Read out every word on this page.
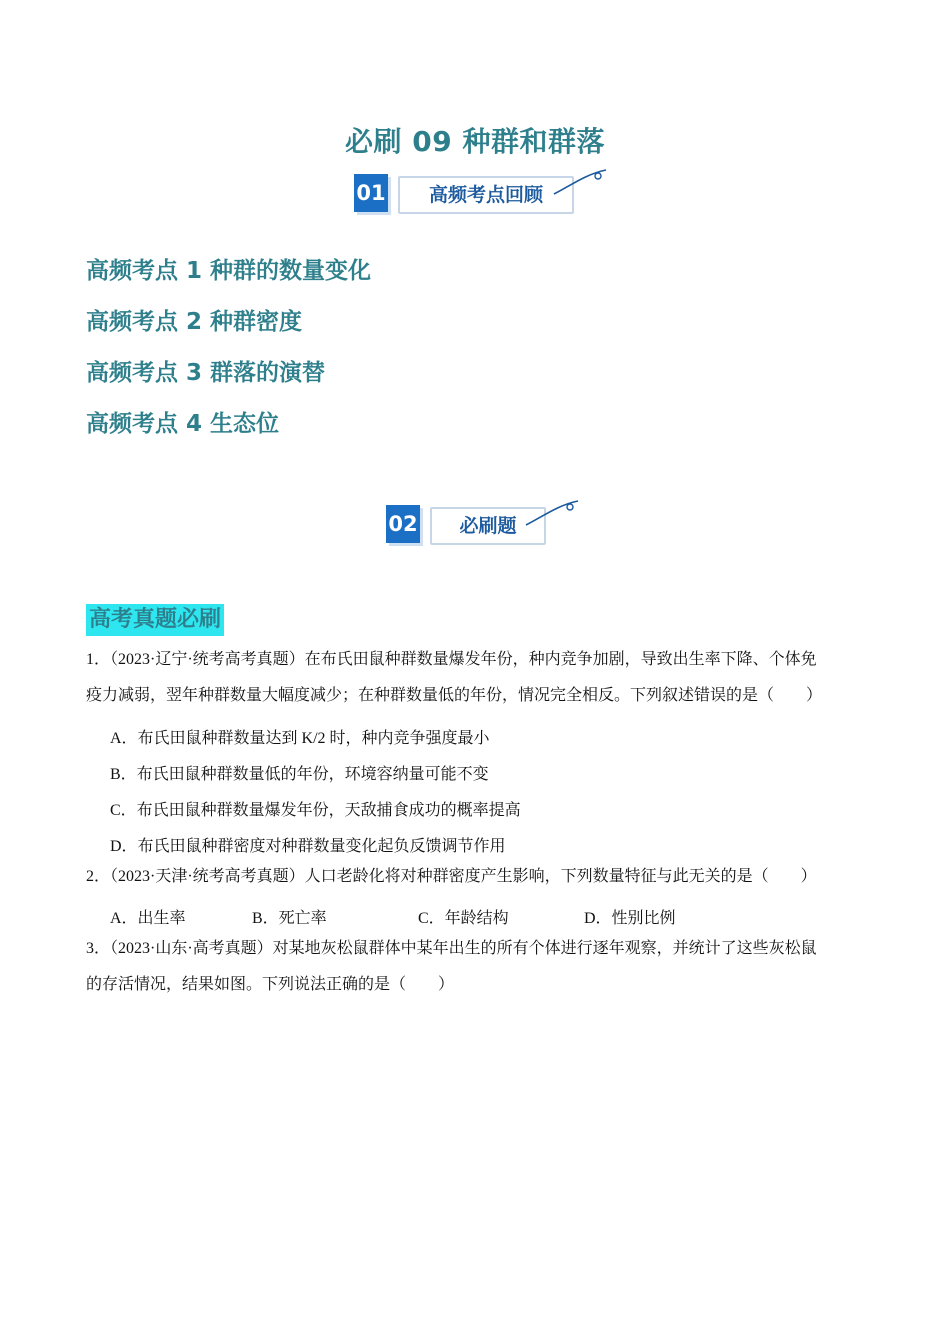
必刷 09 种群和群落
01	高频考点回顾
高频考点 1 种群的数量变化
高频考点 2 种群密度
高频考点 3 群落的演替
高频考点 4 生态位
02	必刷题
高考真题必刷
1．（2023·辽宁·统考高考真题）在布氏田鼠种群数量爆发年份，种内竞争加剧，导致出生率下降、个体免
疫力减弱，翌年种群数量大幅度减少；在种群数量低的年份，情况完全相反。下列叙述错误的是（　　）
A．布氏田鼠种群数量达到 K/2 时，种内竞争强度最小
B．布氏田鼠种群数量低的年份，环境容纳量可能不变
C．布氏田鼠种群数量爆发年份，天敌捕食成功的概率提高
D．布氏田鼠种群密度对种群数量变化起负反馈调节作用
2．（2023·天津·统考高考真题）人口老龄化将对种群密度产生影响，下列数量特征与此无关的是（　　）
A．出生率	B．死亡率	C．年龄结构	D．性别比例
3．（2023·山东·高考真题）对某地灰松鼠群体中某年出生的所有个体进行逐年观察，并统计了这些灰松鼠
的存活情况，结果如图。下列说法正确的是（　　）
